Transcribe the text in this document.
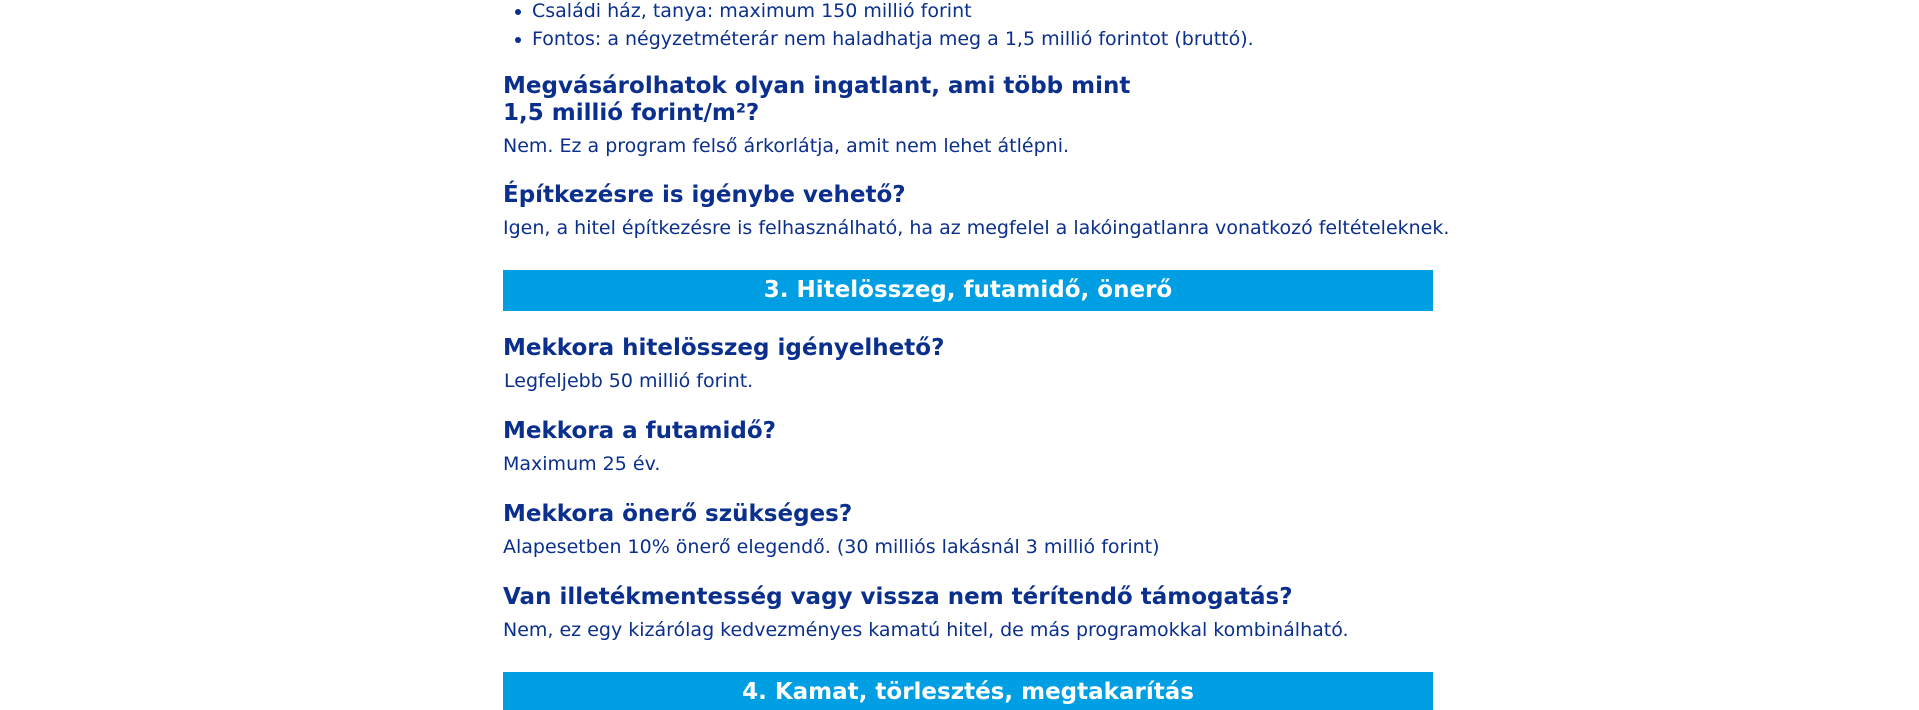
Családi ház, tanya: maximum 150 millió forint
Fontos: a négyzetméterár nem haladhatja meg a 1,5 millió forintot (bruttó).
Megvásárolhatok olyan ingatlant, ami több mint
1,5 millió forint/m²?

Nem. Ez a program felső árkorlátja, amit nem lehet átlépni.

Építkezésre is igénybe vehető?

Igen, a hitel építkezésre is felhasználható, ha az megfelel a lakóingatlanra vonatkozó feltételeknek.

3. Hitelösszeg, futamidő, önerő
Mekkora hitelösszeg igényelhető?

Legfeljebb 50 millió forint.

Mekkora a futamidő?

Maximum 25 év.

Mekkora önerő szükséges?

Alapesetben 10% önerő elegendő. (30 milliós lakásnál 3 millió forint)

Van illetékmentesség vagy vissza nem térítendő támogatás?

Nem, ez egy kizárólag kedvezményes kamatú hitel, de más programokkal kombinálható.

4. Kamat, törlesztés, megtakarítás
